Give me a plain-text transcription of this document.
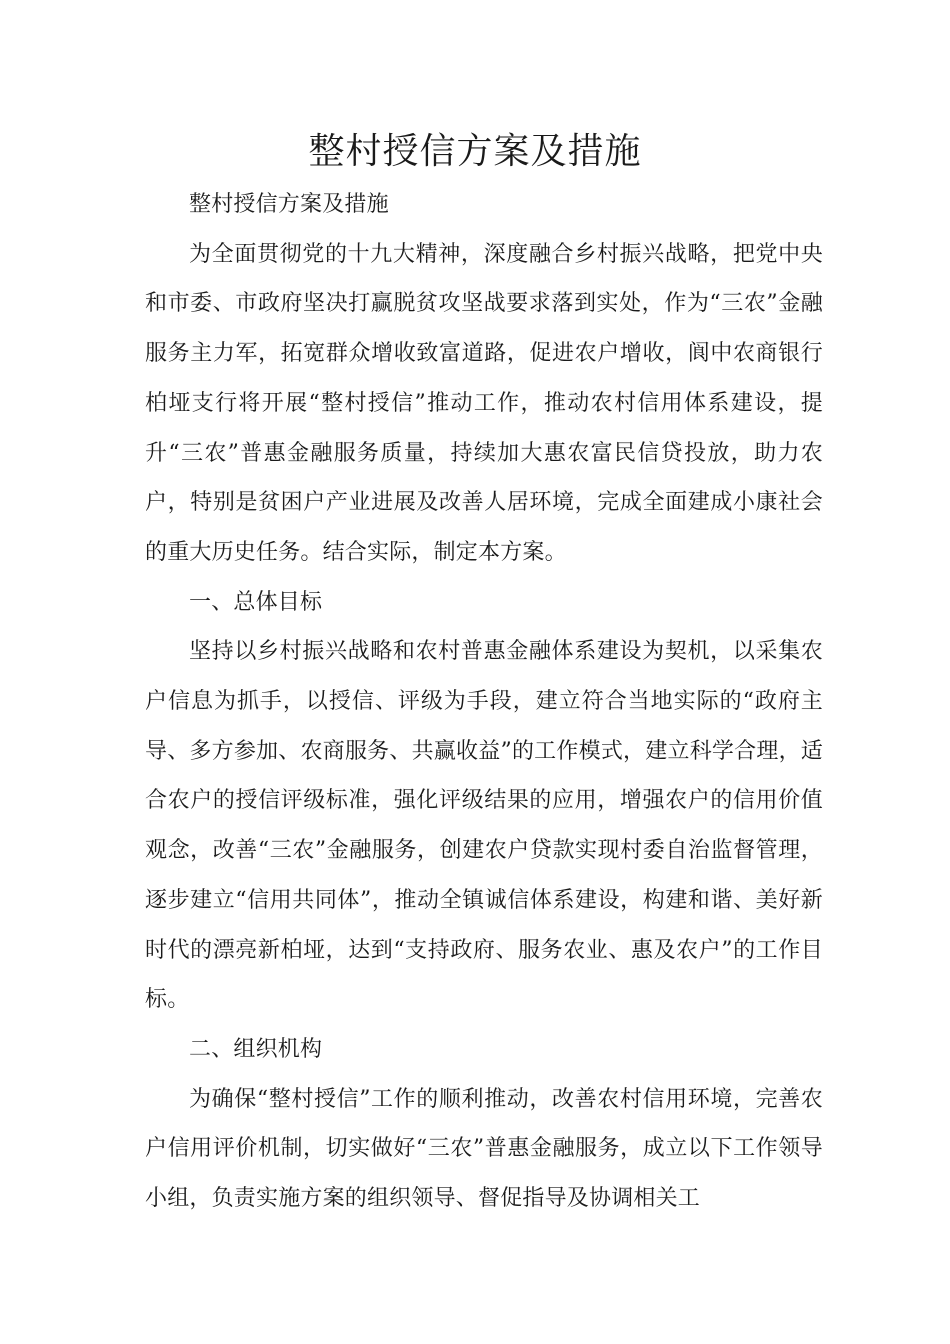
整村授信方案及措施

整村授信方案及措施

为全面贯彻党的十九大精神，深度融合乡村振兴战略，把党中央和市委、市政府坚决打赢脱贫攻坚战要求落到实处，作为“三农”金融服务主力军，拓宽群众增收致富道路，促进农户增收，阆中农商银行柏垭支行将开展“整村授信”推动工作，推动农村信用体系建设，提升“三农”普惠金融服务质量，持续加大惠农富民信贷投放，助力农户，特别是贫困户产业进展及改善人居环境，完成全面建成小康社会的重大历史任务。结合实际，制定本方案。

一、总体目标

坚持以乡村振兴战略和农村普惠金融体系建设为契机，以采集农户信息为抓手，以授信、评级为手段，建立符合当地实际的“政府主导、多方参加、农商服务、共赢收益”的工作模式，建立科学合理，适合农户的授信评级标准，强化评级结果的应用，增强农户的信用价值观念，改善“三农”金融服务，创建农户贷款实现村委自治监督管理，逐步建立“信用共同体”，推动全镇诚信体系建设，构建和谐、美好新时代的漂亮新柏垭，达到“支持政府、服务农业、惠及农户”的工作目标。

二、组织机构

为确保“整村授信”工作的顺利推动，改善农村信用环境，完善农户信用评价机制，切实做好“三农”普惠金融服务，成立以下工作领导小组，负责实施方案的组织领导、督促指导及协调相关工
